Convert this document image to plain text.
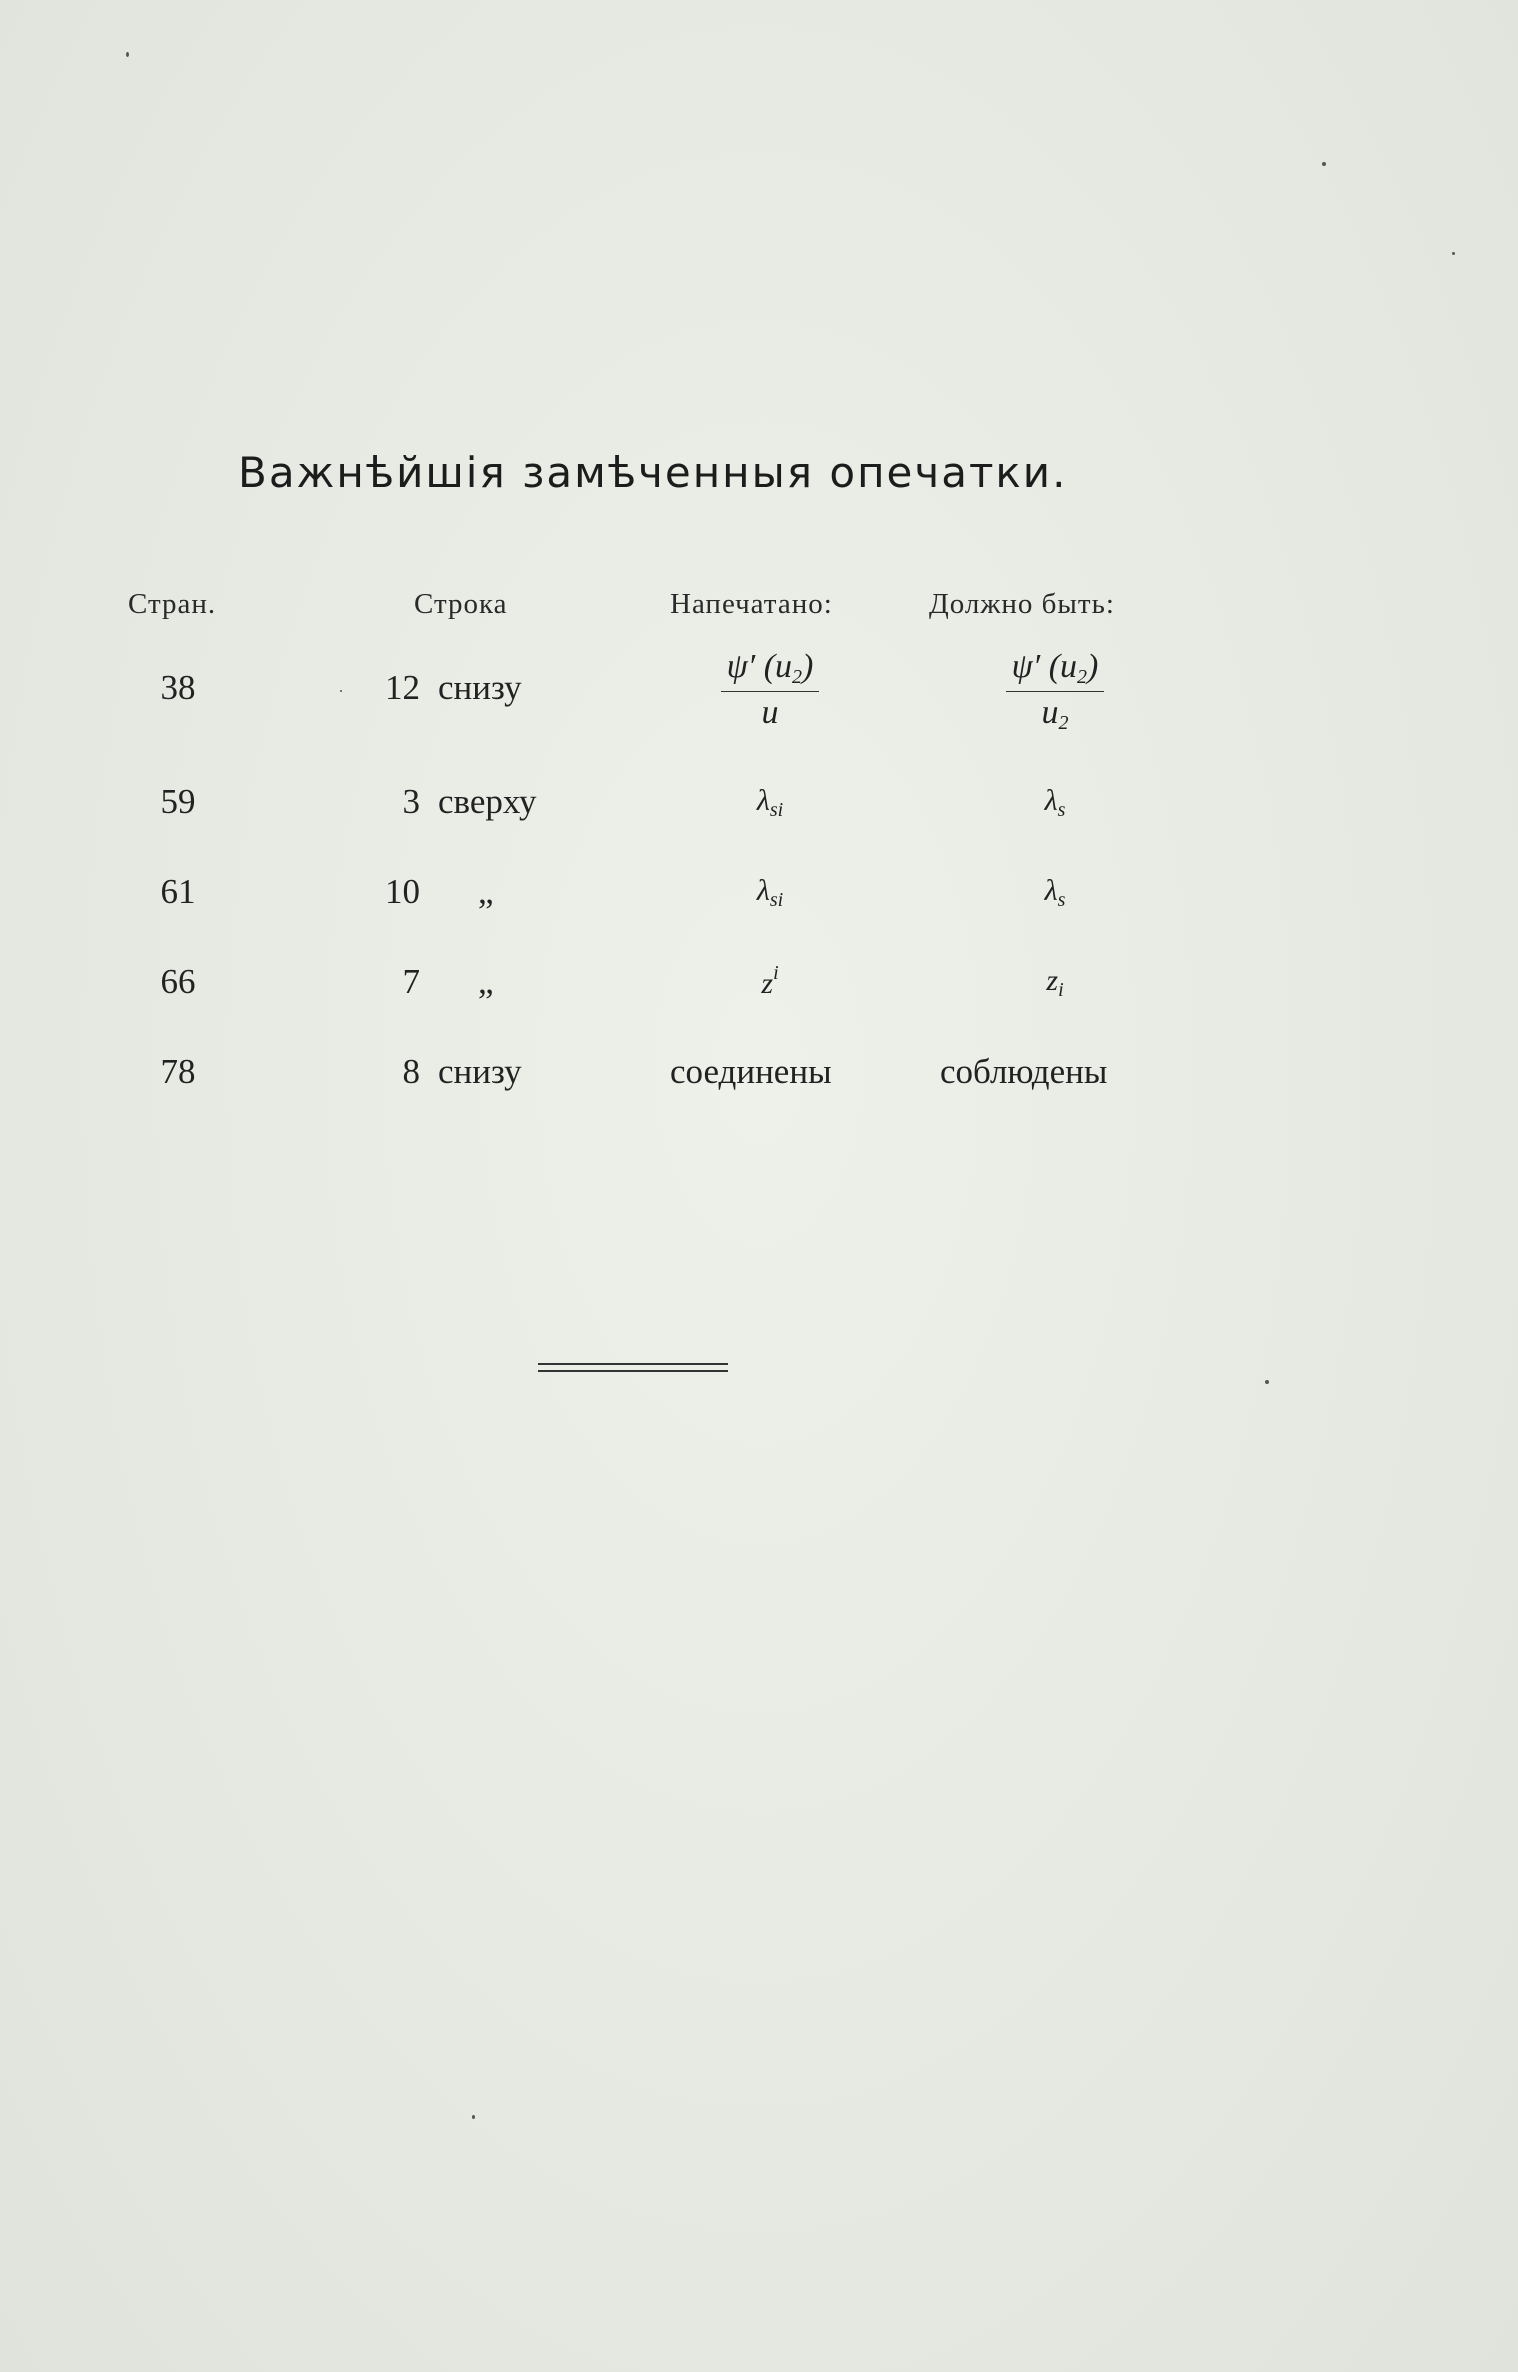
Важнѣйшія замѣченныя опечатки.
Стран.	Строка	Напечатано:	Должно быть:
38	12 снизу	$\frac{\psi' (u_2)}{u}$	$\frac{\psi' (u_2)}{u_2}$
59	3 сверху	$\lambda_{si}$	$\lambda_s$
61	10 „	$\lambda_{si}$	$\lambda_s$
66	7 „	$z^i$	$z_i$
78	8 снизу	соединены	соблюдены
